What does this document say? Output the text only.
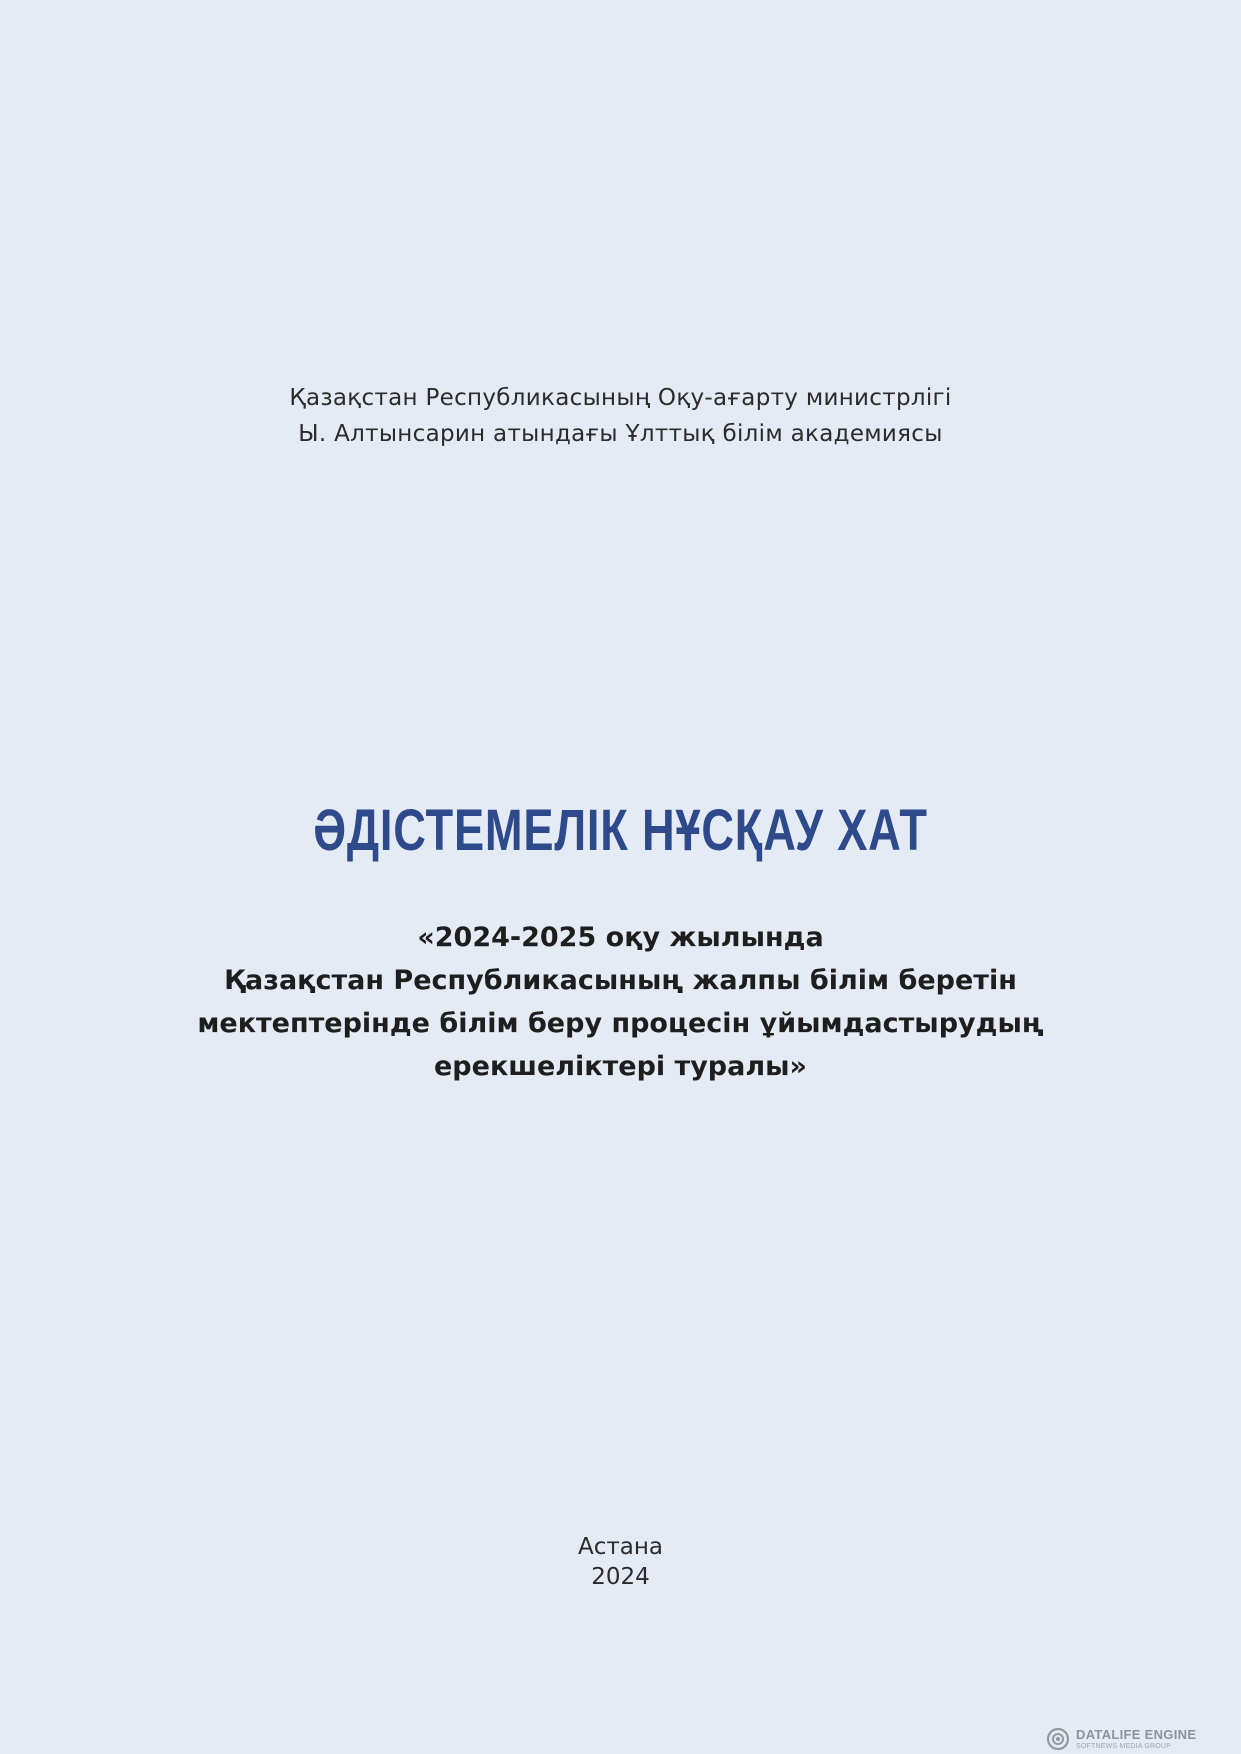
Қазақстан Республикасының Оқу-ағарту министрлігі
Ы. Алтынсарин атындағы Ұлттық білім академиясы
ӘДІСТЕМЕЛІК НҰСҚАУ ХАТ
«2024-2025 оқу жылында
Қазақстан Республикасының жалпы білім беретін
мектептерінде білім беру процесін ұйымдастырудың
ерекшеліктері туралы»
Астана
2024
DATALIFE ENGINE
SOFTNEWS MEDIA GROUP
